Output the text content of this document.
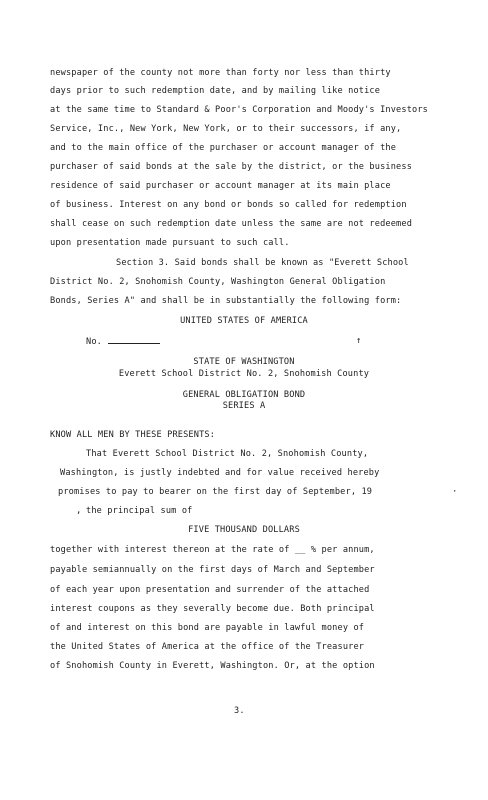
newspaper of the county not more than forty nor less than thirty
days prior to such redemption date, and by mailing like notice
at the same time to Standard & Poor's Corporation and Moody's Investors
Service, Inc., New York, New York, or to their successors, if any,
and to the main office of the purchaser or account manager of the
purchaser of said bonds at the sale by the district, or the business
residence of said purchaser or account manager at its main place
of business. Interest on any bond or bonds so called for redemption
shall cease on such redemption date unless the same are not redeemed
upon presentation made pursuant to such call.
Section 3. Said bonds shall be known as "Everett School
District No. 2, Snohomish County, Washington General Obligation
Bonds, Series A" and shall be in substantially the following form:
UNITED STATES OF AMERICA
No.	↑
STATE OF WASHINGTON
Everett School District No. 2, Snohomish County
GENERAL OBLIGATION BOND
SERIES A
KNOW ALL MEN BY THESE PRESENTS:
That Everett School District No. 2, Snohomish County,
Washington, is justly indebted and for value received hereby
promises to pay to bearer on the first day of September, 19	·
the principal sum of
,
FIVE THOUSAND DOLLARS
together with interest thereon at the rate of __ % per annum,
payable semiannually on the first days of March and September
of each year upon presentation and surrender of the attached
interest coupons as they severally become due. Both principal
of and interest on this bond are payable in lawful money of
the United States of America at the office of the Treasurer
of Snohomish County in Everett, Washington. Or, at the option
3.
